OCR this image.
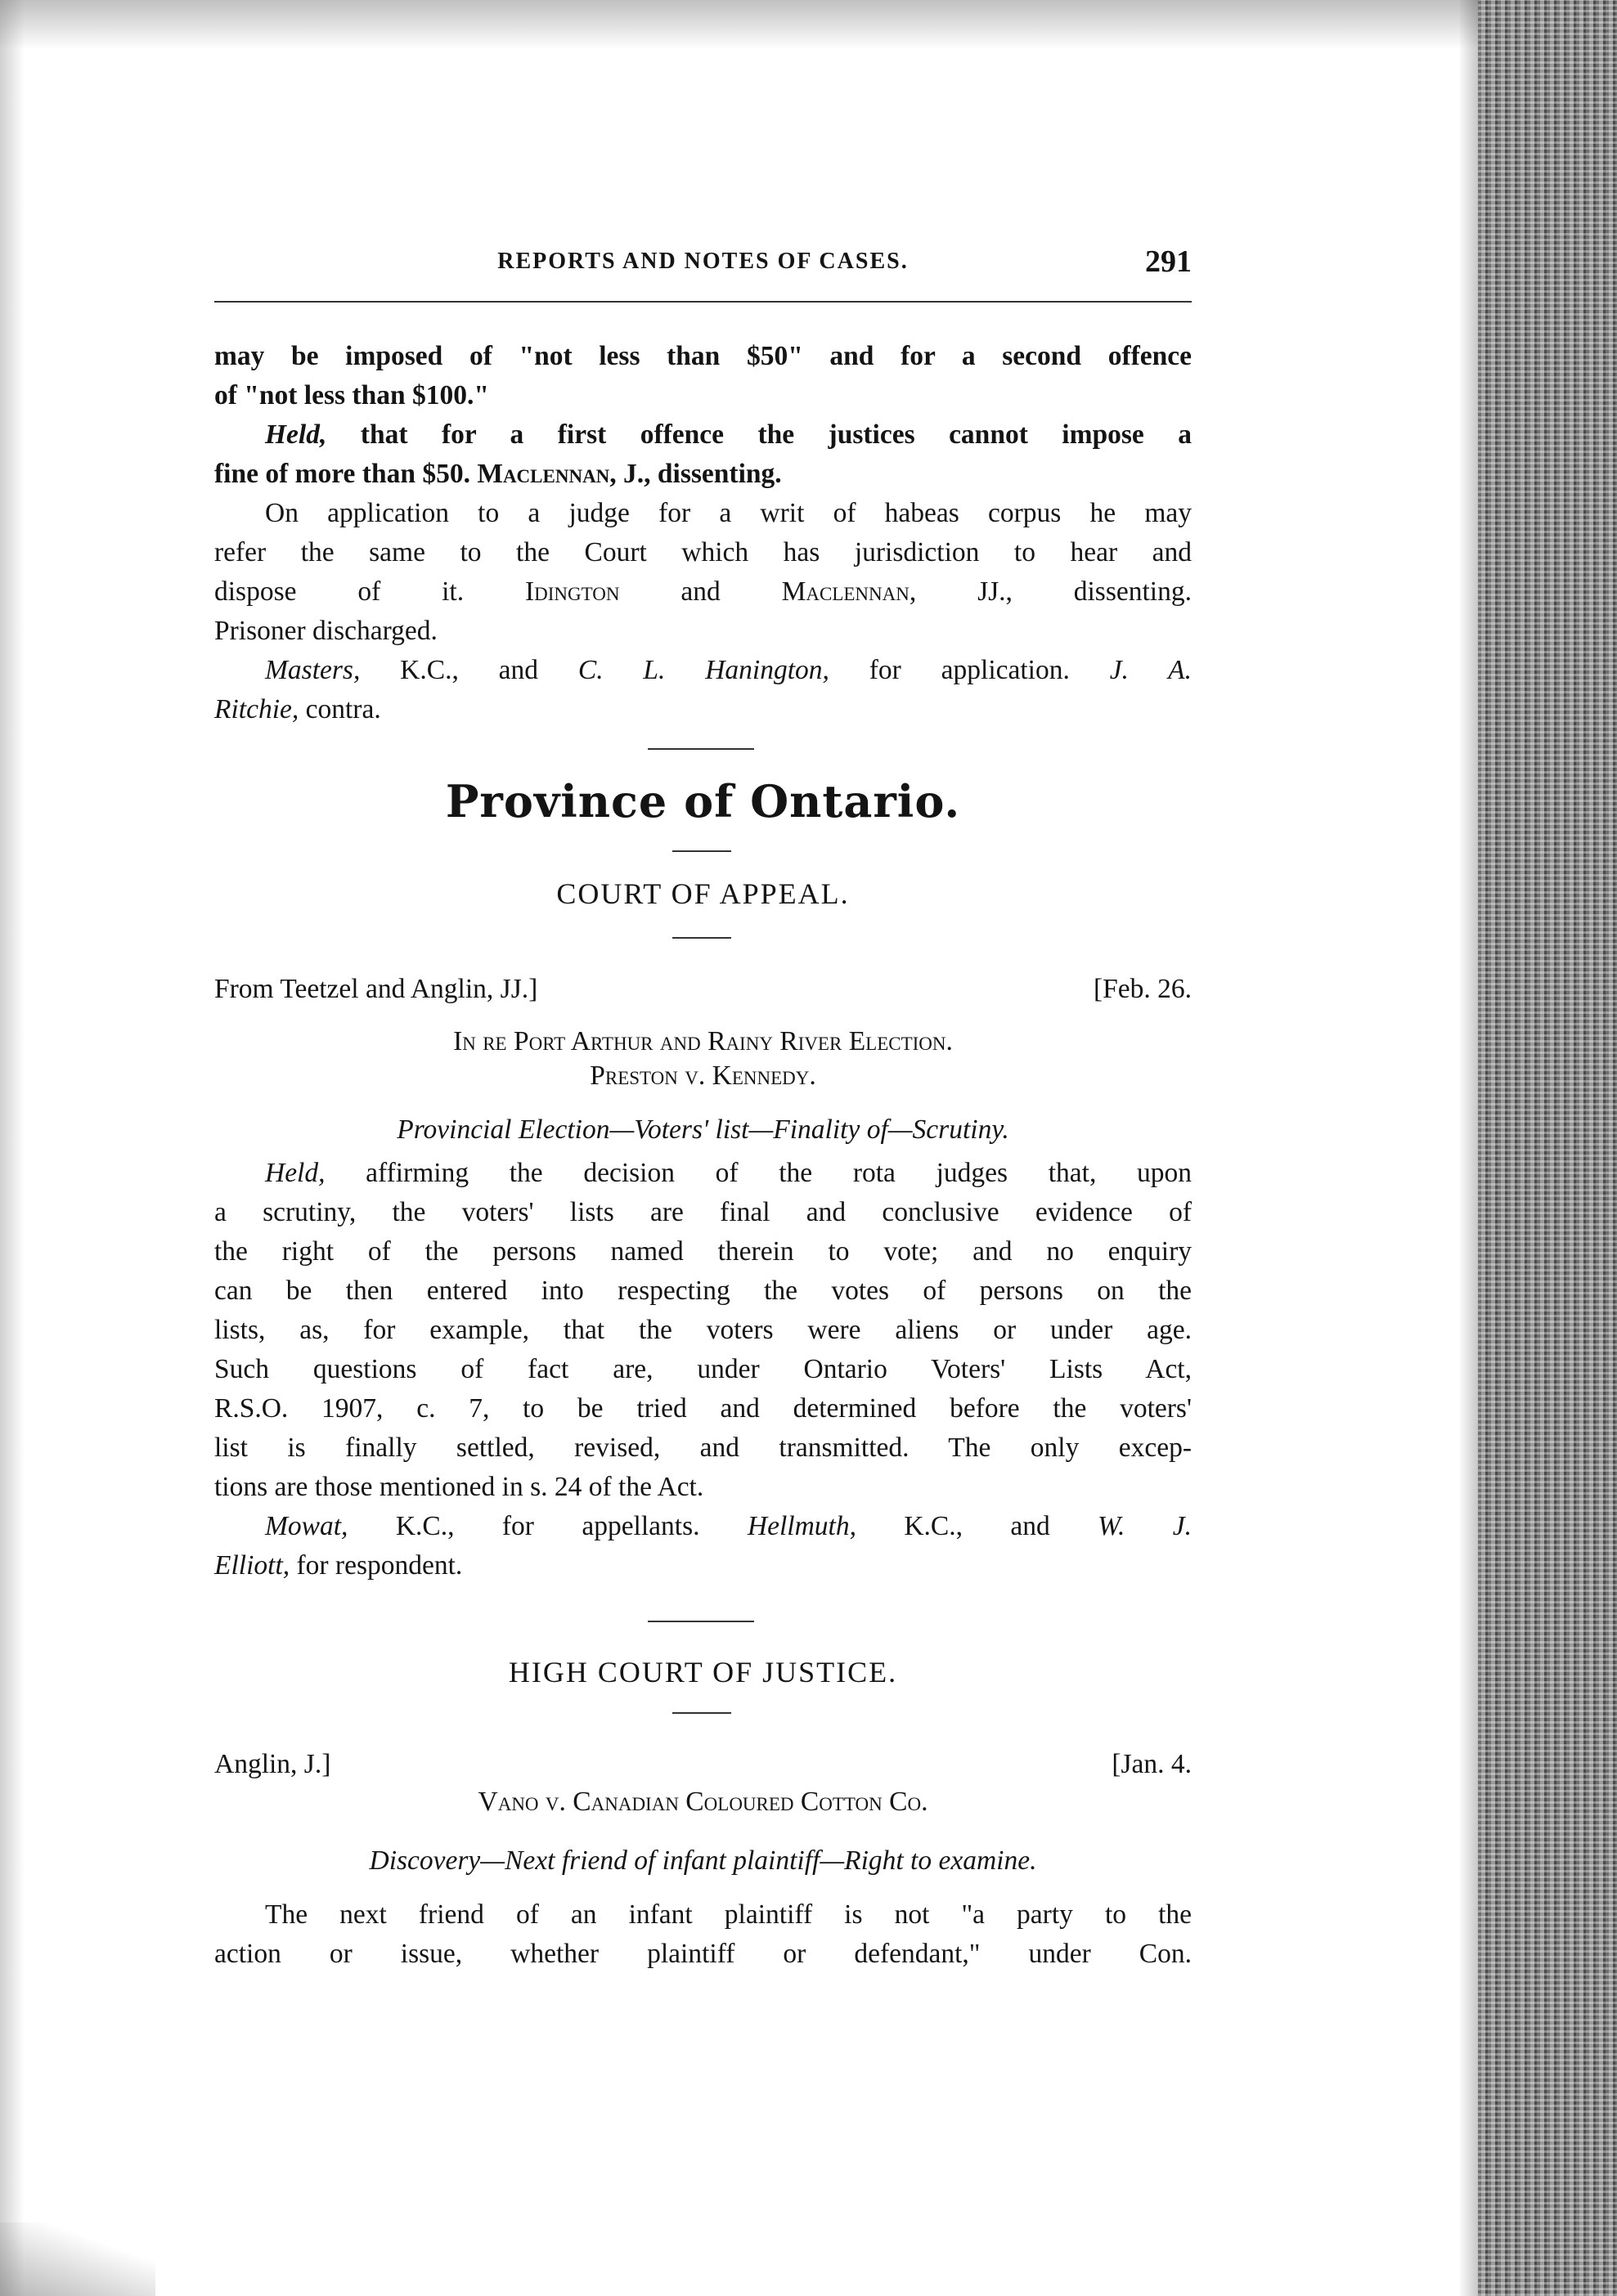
REPORTS AND NOTES OF CASES.	291
may be imposed of "not less than $50" and for a second offence
of "not less than $100."
Held, that for a first offence the justices cannot impose a
fine of more than $50. Maclennan, J., dissenting.
On application to a judge for a writ of habeas corpus he may
refer the same to the Court which has jurisdiction to hear and
dispose of it. Idington and Maclennan, JJ., dissenting.
Prisoner discharged.
Masters, K.C., and C. L. Hanington, for application. J. A.
Ritchie, contra.
Province of Ontario.
COURT OF APPEAL.
From Teetzel and Anglin, JJ.]	[Feb. 26.
In re Port Arthur and Rainy River Election.
Preston v. Kennedy.
Provincial Election—Voters' list—Finality of—Scrutiny.
Held, affirming the decision of the rota judges that, upon
a scrutiny, the voters' lists are final and conclusive evidence of
the right of the persons named therein to vote; and no enquiry
can be then entered into respecting the votes of persons on the
lists, as, for example, that the voters were aliens or under age.
Such questions of fact are, under Ontario Voters' Lists Act,
R.S.O. 1907, c. 7, to be tried and determined before the voters'
list is finally settled, revised, and transmitted. The only excep-
tions are those mentioned in s. 24 of the Act.
Mowat, K.C., for appellants. Hellmuth, K.C., and W. J.
Elliott, for respondent.
HIGH COURT OF JUSTICE.
Anglin, J.]	[Jan. 4.
Vano v. Canadian Coloured Cotton Co.
Discovery—Next friend of infant plaintiff—Right to examine.
The next friend of an infant plaintiff is not "a party to the
action or issue, whether plaintiff or defendant," under Con.
